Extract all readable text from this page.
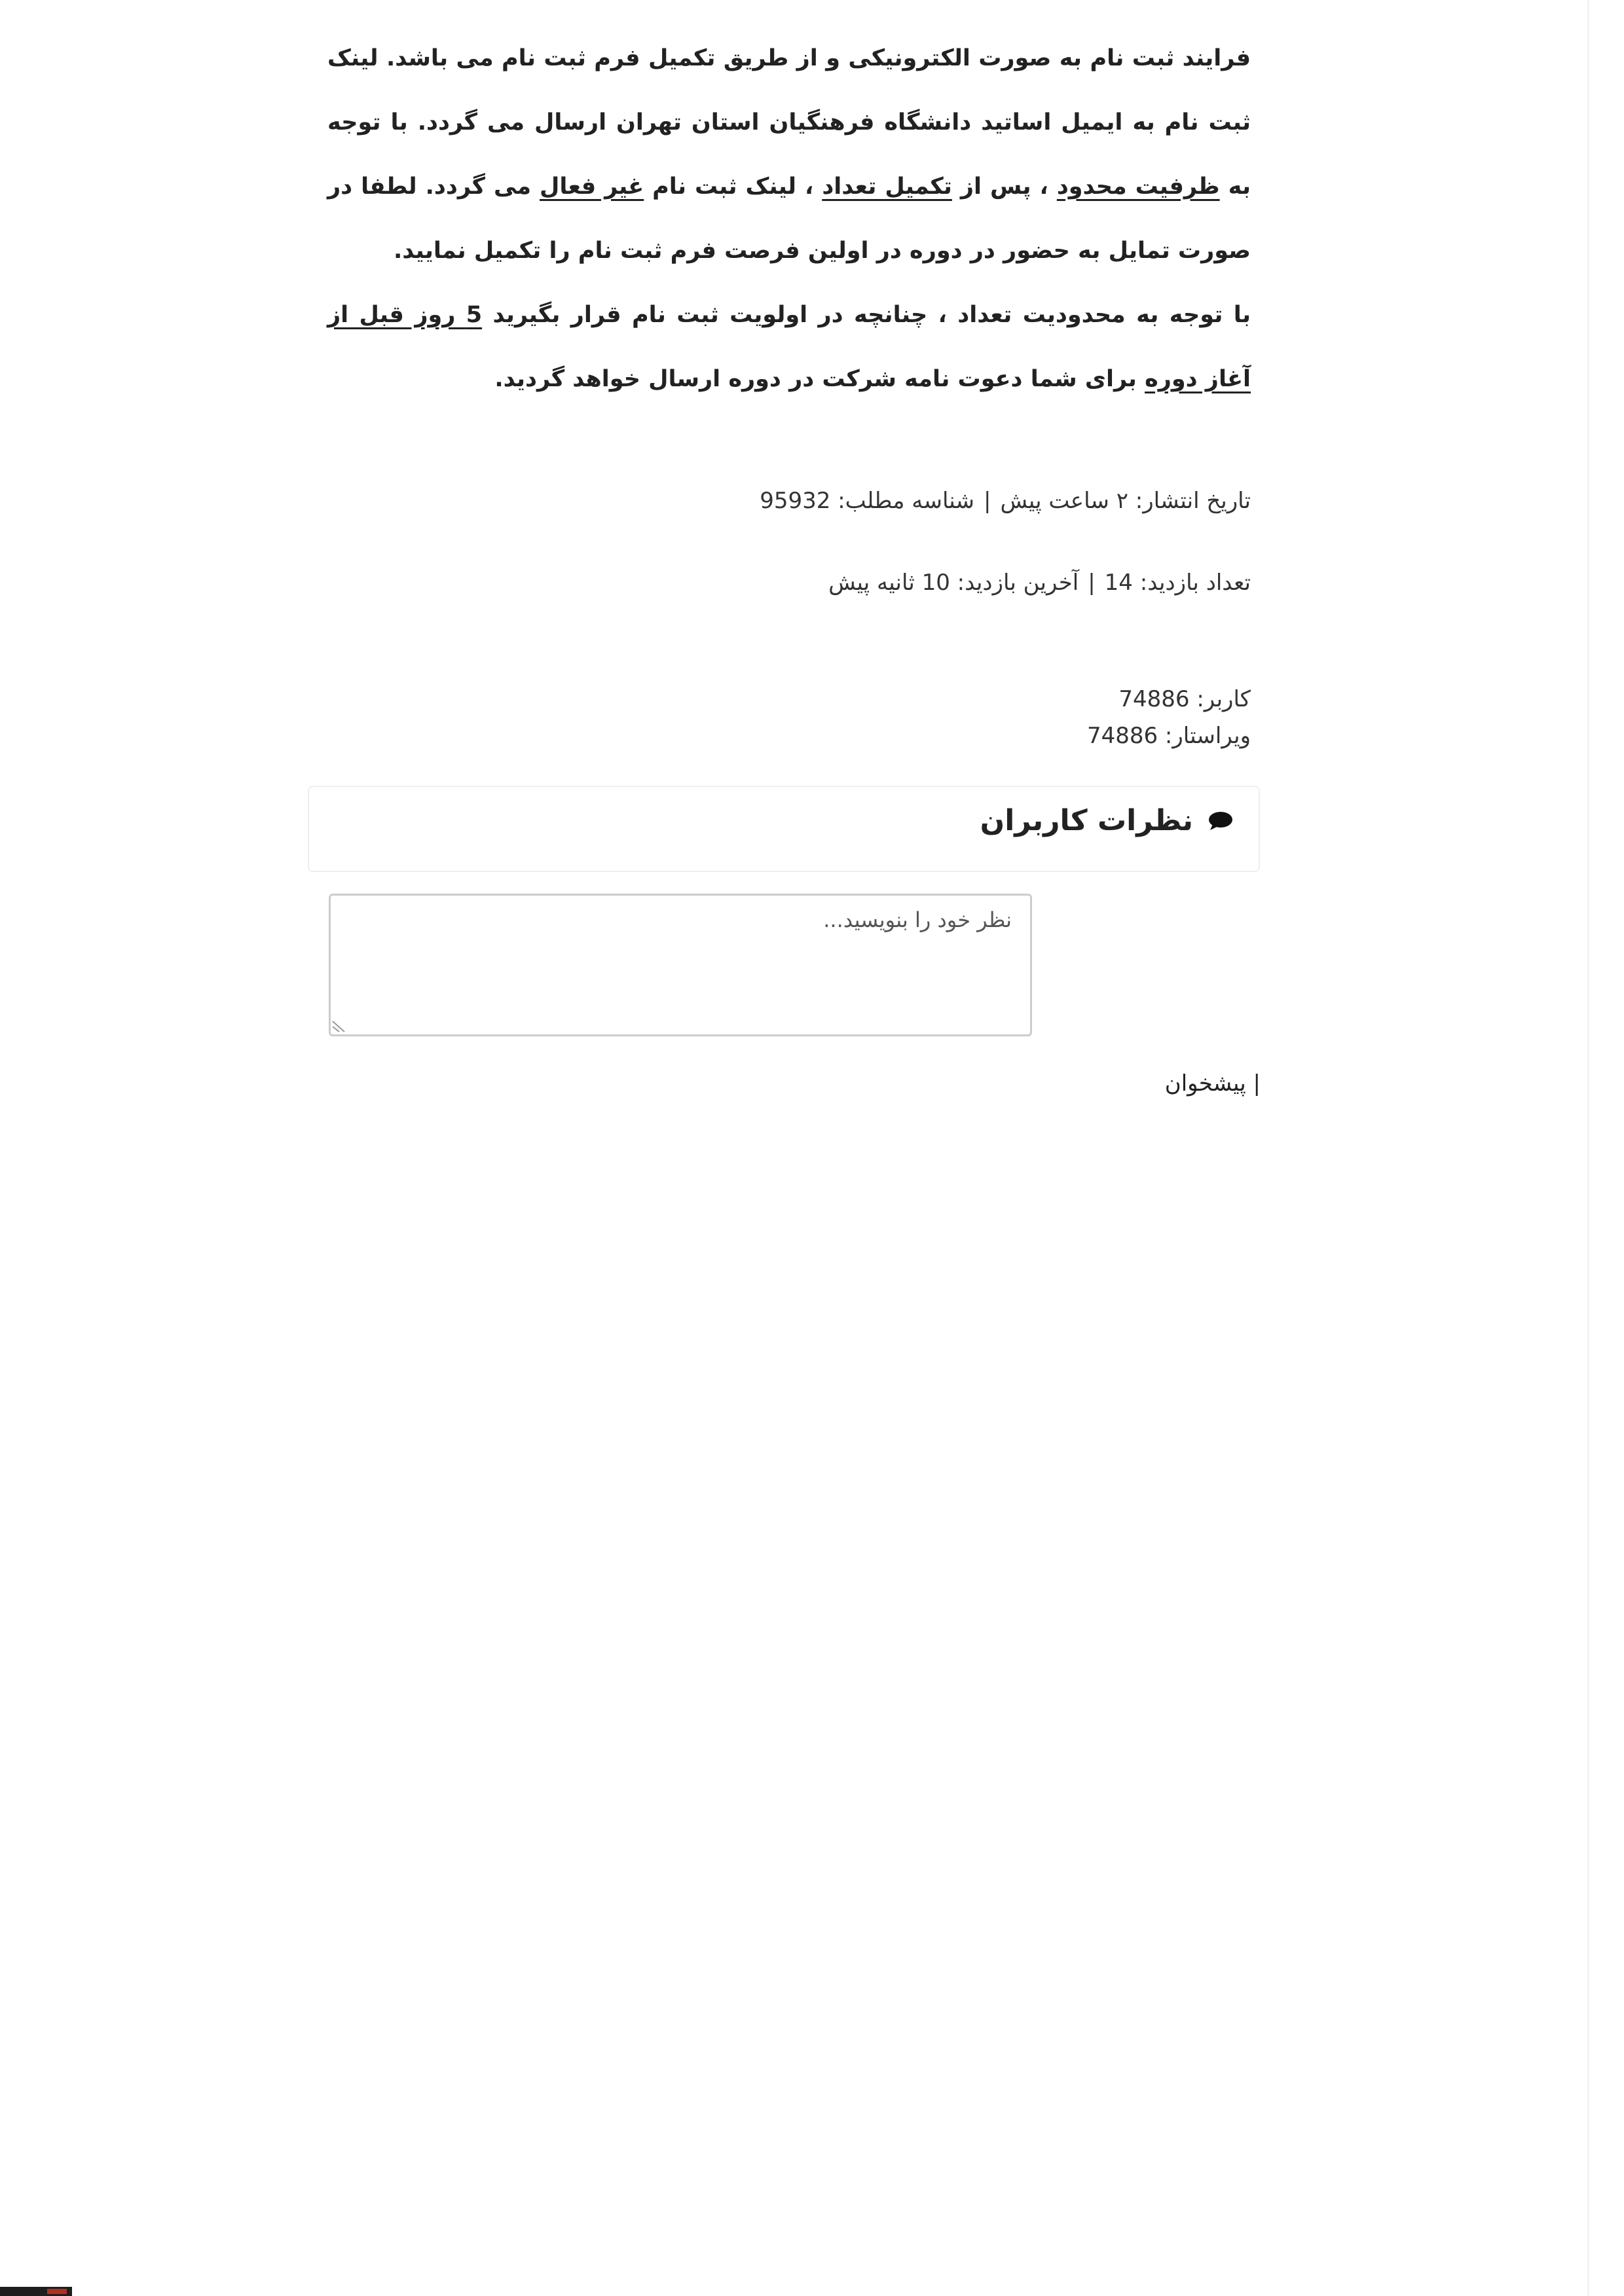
فرایند ثبت نام به صورت الکترونیکی و از طریق تکمیل فرم ثبت نام می باشد. لینک ثبت نام به ایمیل اساتید دانشگاه فرهنگیان استان تهران ارسال می گردد. با توجه به ظرفیت محدود ، پس از تکمیل تعداد ، لینک ثبت نام غیر فعال می گردد. لطفا در صورت تمایل به حضور در دوره در اولین فرصت فرم ثبت نام را تکمیل نمایید.

با توجه به محدودیت تعداد ، چنانچه در اولویت ثبت نام قرار بگیرید 5 روز قبل از آغاز دوره برای شما دعوت نامه شرکت در دوره ارسال خواهد گردید.

تاریخ انتشار: ۲ ساعت پیش|شناسه مطلب: 95932
تعداد بازدید: 14|آخرین بازدید: 10 ثانیه پیش
کاربر: 74886
ویراستار: 74886
نظرات کاربران
نظر خود را بنویسید...
| پیشخوان
